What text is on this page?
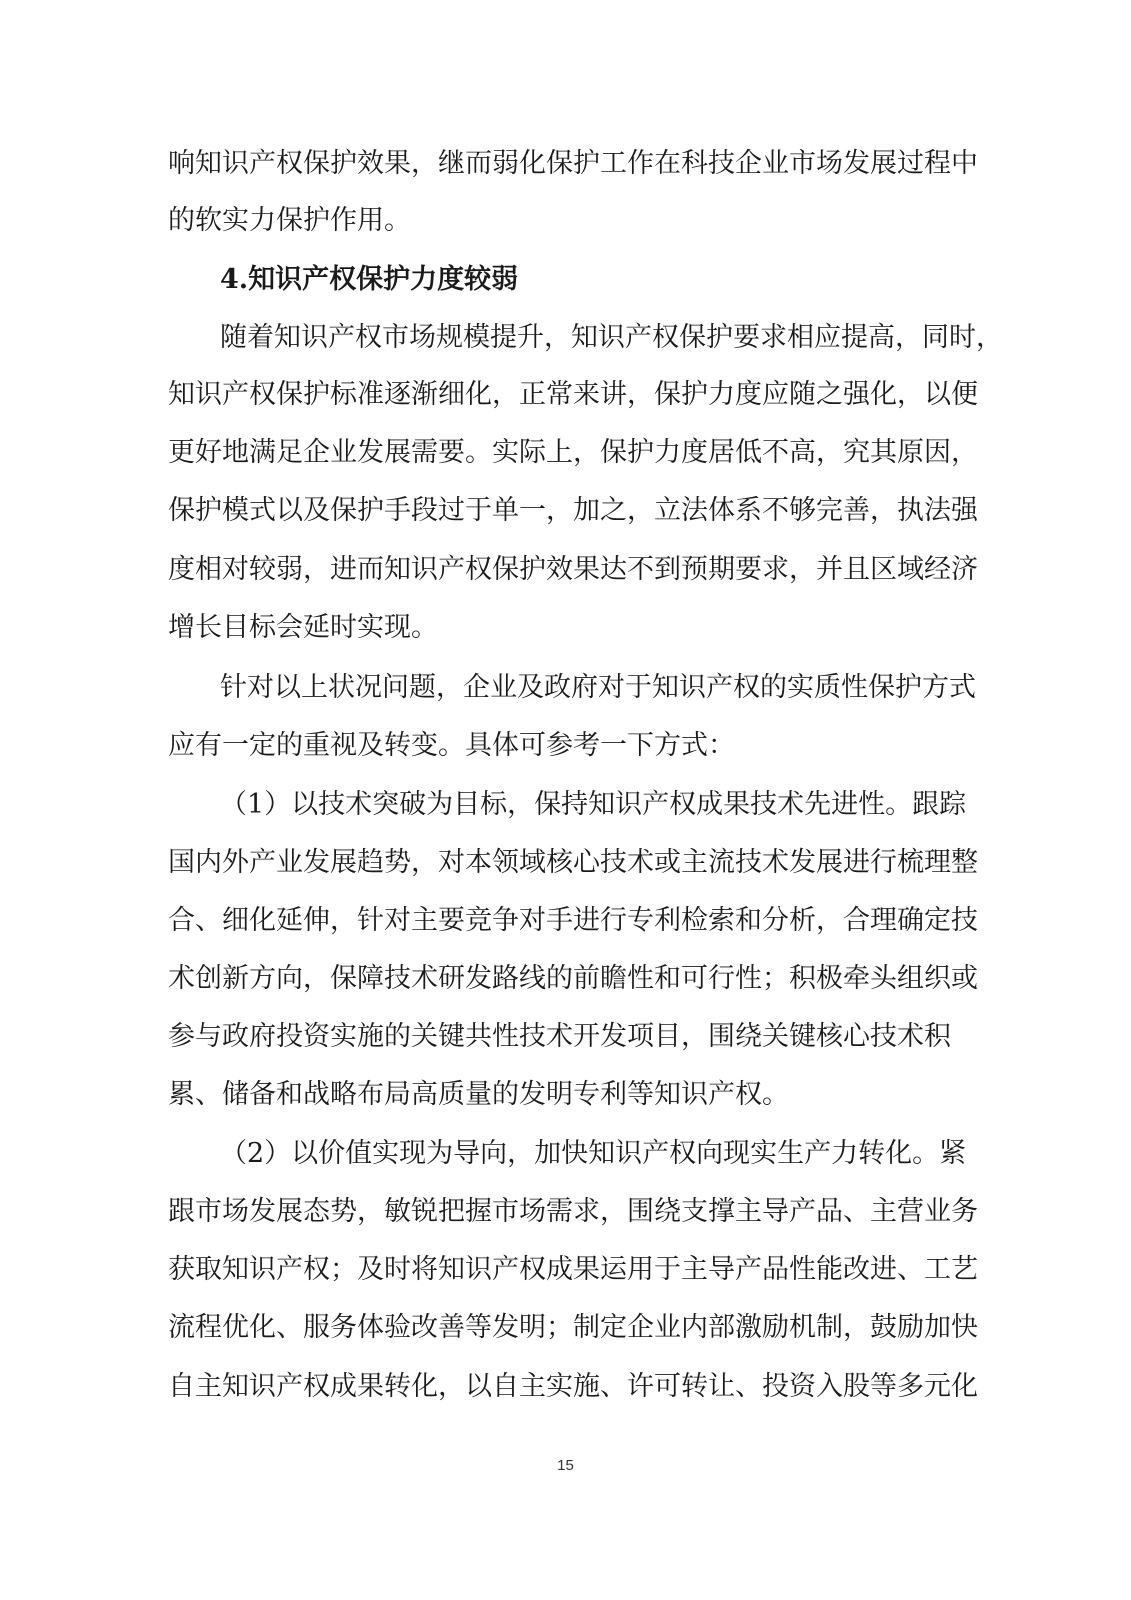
响知识产权保护效果，继而弱化保护工作在科技企业市场发展过程中
的软实力保护作用。
4.知识产权保护力度较弱
随着知识产权市场规模提升，知识产权保护要求相应提高，同时，
知识产权保护标准逐渐细化，正常来讲，保护力度应随之强化，以便
更好地满足企业发展需要。实际上，保护力度居低不高，究其原因，
保护模式以及保护手段过于单一，加之，立法体系不够完善，执法强
度相对较弱，进而知识产权保护效果达不到预期要求，并且区域经济
增长目标会延时实现。
针对以上状况问题，企业及政府对于知识产权的实质性保护方式
应有一定的重视及转变。具体可参考一下方式：
（1）以技术突破为目标，保持知识产权成果技术先进性。跟踪
国内外产业发展趋势，对本领域核心技术或主流技术发展进行梳理整
合、细化延伸，针对主要竞争对手进行专利检索和分析，合理确定技
术创新方向，保障技术研发路线的前瞻性和可行性；积极牵头组织或
参与政府投资实施的关键共性技术开发项目，围绕关键核心技术积
累、储备和战略布局高质量的发明专利等知识产权。
（2）以价值实现为导向，加快知识产权向现实生产力转化。紧
跟市场发展态势，敏锐把握市场需求，围绕支撑主导产品、主营业务
获取知识产权；及时将知识产权成果运用于主导产品性能改进、工艺
流程优化、服务体验改善等发明；制定企业内部激励机制，鼓励加快
自主知识产权成果转化，以自主实施、许可转让、投资入股等多元化
15
